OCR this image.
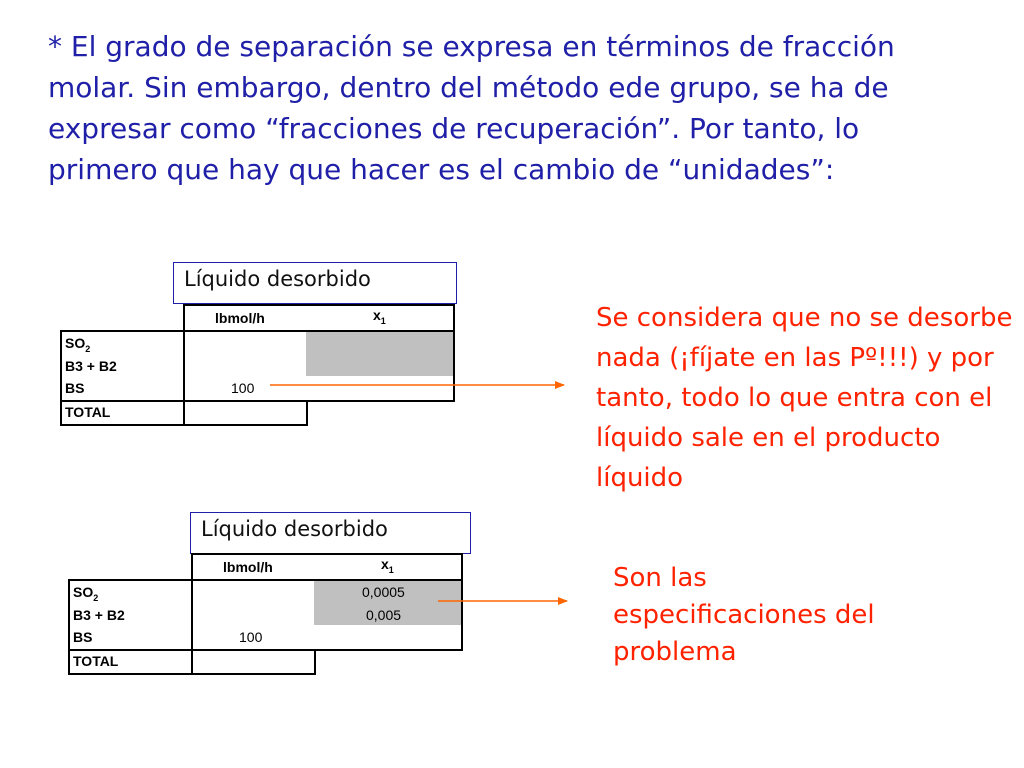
* El grado de separación se expresa en términos de fracción molar. Sin embargo, dentro del método ede grupo, se ha de expresar como “fracciones de recuperación”. Por tanto, lo primero que hay que hacer es el cambio de “unidades”:
Líquido desorbido
lbmol/h	$x_1$
$SO_2$
B3 + B2
BS
TOTAL
100
Líquido desorbido
lbmol/h	$x_1$
$SO_2$
B3 + B2
BS
TOTAL
0,0005
0,005
100
Se considera que no se desorbe nada (¡fíjate en las Pº!!!) y por tanto, todo lo que entra con el líquido sale en el producto líquido
Son las especificaciones del problema
